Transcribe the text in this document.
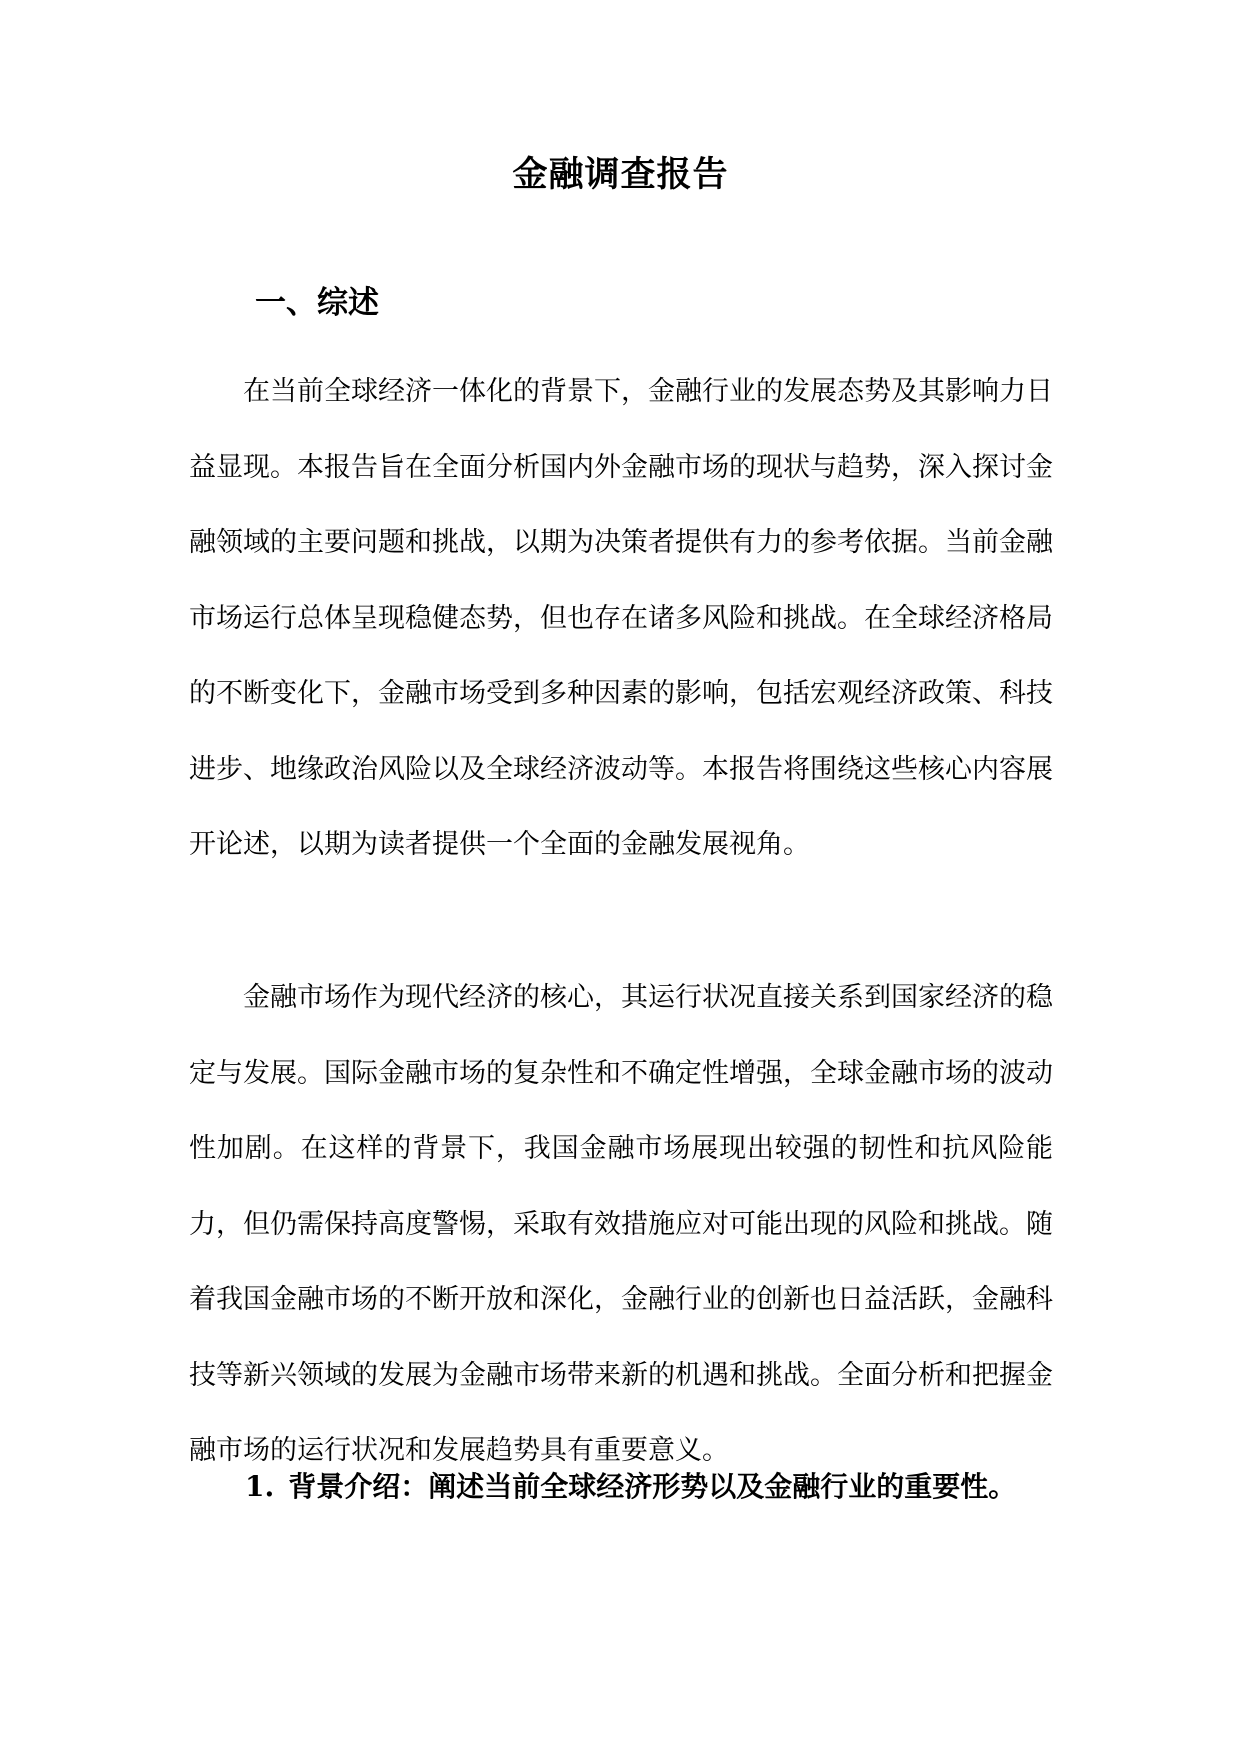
金融调查报告
一、综述

在当前全球经济一体化的背景下，金融行业的发展态势及其影响力日益显现。本报告旨在全面分析国内外金融市场的现状与趋势，深入探讨金融领域的主要问题和挑战，以期为决策者提供有力的参考依据。当前金融市场运行总体呈现稳健态势，但也存在诸多风险和挑战。在全球经济格局的不断变化下，金融市场受到多种因素的影响，包括宏观经济政策、科技进步、地缘政治风险以及全球经济波动等。本报告将围绕这些核心内容展开论述，以期为读者提供一个全面的金融发展视角。

金融市场作为现代经济的核心，其运行状况直接关系到国家经济的稳定与发展。国际金融市场的复杂性和不确定性增强，全球金融市场的波动性加剧。在这样的背景下，我国金融市场展现出较强的韧性和抗风险能力，但仍需保持高度警惕，采取有效措施应对可能出现的风险和挑战。随着我国金融市场的不断开放和深化，金融行业的创新也日益活跃，金融科技等新兴领域的发展为金融市场带来新的机遇和挑战。全面分析和把握金融市场的运行状况和发展趋势具有重要意义。

1. 背景介绍：阐述当前全球经济形势以及金融行业的重要性。
